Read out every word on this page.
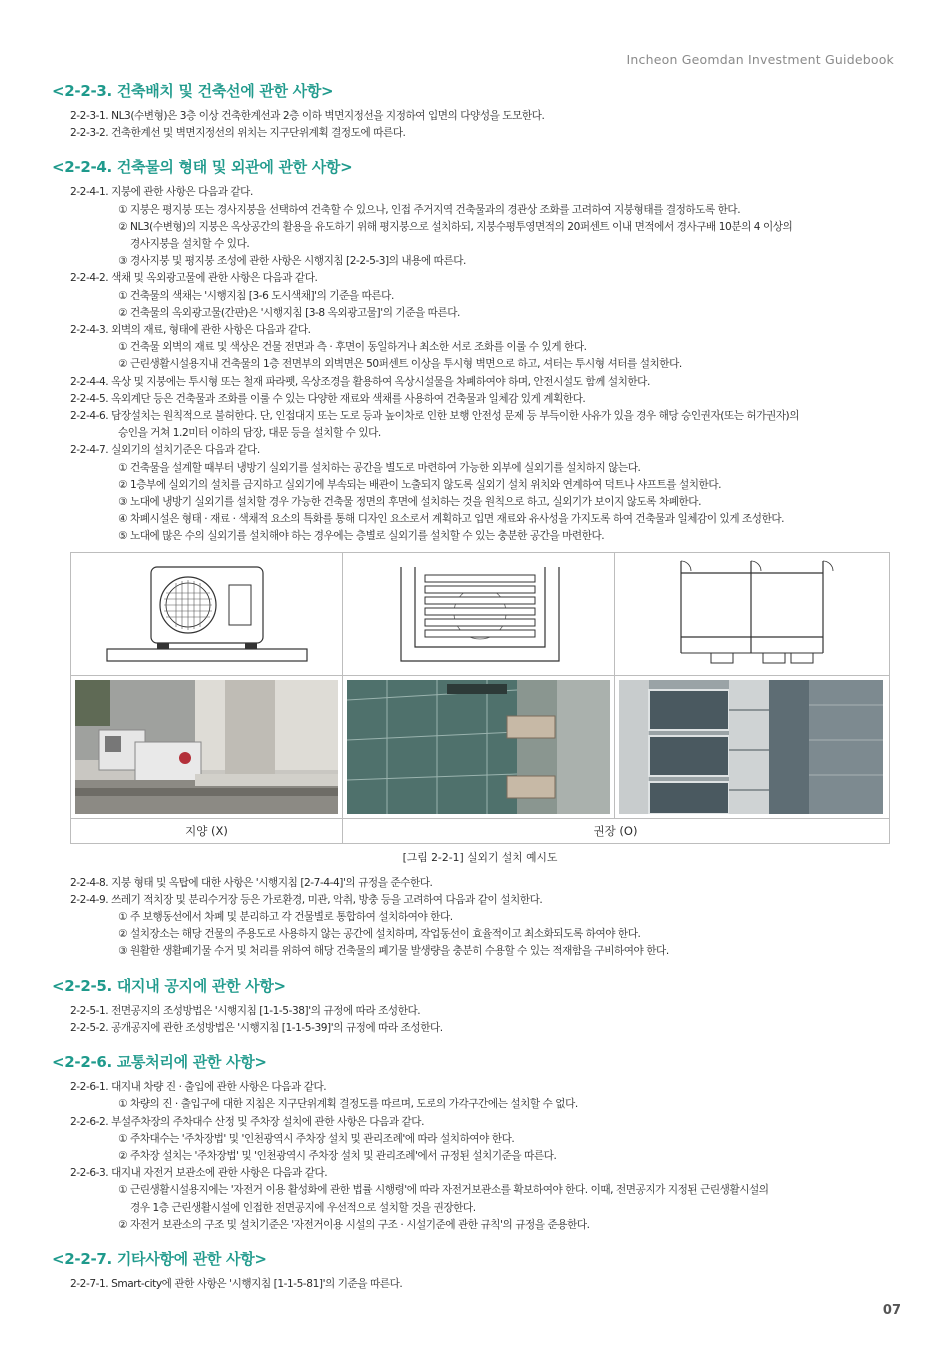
Incheon Geomdan Investment Guidebook
<2-2-3. 건축배치 및 건축선에 관한 사항>
2-2-3-1. NL3(수변형)은 3층 이상 건축한계선과 2층 이하 벽면지정선을 지정하여 입면의 다양성을 도모한다.
2-2-3-2. 건축한계선 및 벽면지정선의 위치는 지구단위계획 결정도에 따른다.
<2-2-4. 건축물의 형태 및 외관에 관한 사항>
2-2-4-1. 지붕에 관한 사항은 다음과 같다.
① 지붕은 평지붕 또는 경사지붕을 선택하여 건축할 수 있으나, 인접 주거지역 건축물과의 경관상 조화를 고려하여 지붕형태를 결정하도록 한다.
② NL3(수변형)의 지붕은 옥상공간의 활용을 유도하기 위해 평지붕으로 설치하되, 지붕수평투영면적의 20퍼센트 이내 면적에서 경사구배 10분의 4 이상의
경사지붕을 설치할 수 있다.
③ 경사지붕 및 평지붕 조성에 관한 사항은 시행지침 [2-2-5-3]의 내용에 따른다.
2-2-4-2. 색채 및 옥외광고물에 관한 사항은 다음과 같다.
① 건축물의 색채는 '시행지침 [3-6 도시색채]'의 기준을 따른다.
② 건축물의 옥외광고물(간판)은 '시행지침 [3-8 옥외광고물]'의 기준을 따른다.
2-2-4-3. 외벽의 재료, 형태에 관한 사항은 다음과 같다.
① 건축물 외벽의 재료 및 색상은 건물 전면과 측 · 후면이 동일하거나 최소한 서로 조화를 이룰 수 있게 한다.
② 근린생활시설용지내 건축물의 1층 전면부의 외벽면은 50퍼센트 이상을 투시형 벽면으로 하고, 셔터는 투시형 셔터를 설치한다.
2-2-4-4. 옥상 및 지붕에는 투시형 또는 철재 파라펫, 옥상조경을 활용하여 옥상시설물을 차폐하여야 하며, 안전시설도 함께 설치한다.
2-2-4-5. 옥외계단 등은 건축물과 조화를 이룰 수 있는 다양한 재료와 색채를 사용하여 건축물과 일체감 있게 계획한다.
2-2-4-6. 담장설치는 원칙적으로 불허한다. 단, 인접대지 또는 도로 등과 높이차로 인한 보행 안전성 문제 등 부득이한 사유가 있을 경우 해당 승인권자(또는 허가권자)의
승인을 거쳐 1.2미터 이하의 담장, 대문 등을 설치할 수 있다.
2-2-4-7. 실외기의 설치기준은 다음과 같다.
① 건축물을 설계할 때부터 냉방기 실외기를 설치하는 공간을 별도로 마련하여 가능한 외부에 실외기를 설치하지 않는다.
② 1층부에 실외기의 설치를 금지하고 실외기에 부속되는 배관이 노출되지 않도록 실외기 설치 위치와 연계하여 덕트나 샤프트를 설치한다.
③ 노대에 냉방기 실외기를 설치할 경우 가능한 건축물 정면의 후면에 설치하는 것을 원칙으로 하고, 실외기가 보이지 않도록 차폐한다.
④ 차폐시설은 형태 · 재료 · 색채적 요소의 특화를 통해 디자인 요소로서 계획하고 입면 재료와 유사성을 가지도록 하여 건축물과 일체감이 있게 조성한다.
⑤ 노대에 많은 수의 실외기를 설치해야 하는 경우에는 층별로 실외기를 설치할 수 있는 충분한 공간을 마련한다.
지양 (X)	권장 (O)
[그림 2-2-1] 실외기 설치 예시도
2-2-4-8. 지붕 형태 및 옥탑에 대한 사항은 '시행지침 [2-7-4-4]'의 규정을 준수한다.
2-2-4-9. 쓰레기 적치장 및 분리수거장 등은 가로환경, 미관, 악취, 방충 등을 고려하여 다음과 같이 설치한다.
① 주 보행동선에서 차폐 및 분리하고 각 건물별로 통합하여 설치하여야 한다.
② 설치장소는 해당 건물의 주용도로 사용하지 않는 공간에 설치하며, 작업동선이 효율적이고 최소화되도록 하여야 한다.
③ 원활한 생활폐기물 수거 및 처리를 위하여 해당 건축물의 폐기물 발생량을 충분히 수용할 수 있는 적재함을 구비하여야 한다.
<2-2-5. 대지내 공지에 관한 사항>
2-2-5-1. 전면공지의 조성방법은 '시행지침 [1-1-5-38]'의 규정에 따라 조성한다.
2-2-5-2. 공개공지에 관한 조성방법은 '시행지침 [1-1-5-39]'의 규정에 따라 조성한다.
<2-2-6. 교통처리에 관한 사항>
2-2-6-1. 대지내 차량 진 · 출입에 관한 사항은 다음과 같다.
① 차량의 진 · 출입구에 대한 지침은 지구단위계획 결정도를 따르며, 도로의 가각구간에는 설치할 수 없다.
2-2-6-2. 부설주차장의 주차대수 산정 및 주차장 설치에 관한 사항은 다음과 같다.
① 주차대수는 '주차장법' 및 '인천광역시 주차장 설치 및 관리조례'에 따라 설치하여야 한다.
② 주차장 설치는 '주차장법' 및 '인천광역시 주차장 설치 및 관리조례'에서 규정된 설치기준을 따른다.
2-2-6-3. 대지내 자전거 보관소에 관한 사항은 다음과 같다.
① 근린생활시설용지에는 '자전거 이용 활성화에 관한 법률 시행령'에 따라 자전거보관소를 확보하여야 한다. 이때, 전면공지가 지정된 근린생활시설의
경우 1층 근린생활시설에 인접한 전면공지에 우선적으로 설치할 것을 권장한다.
② 자전거 보관소의 구조 및 설치기준은 '자전거이용 시설의 구조 · 시설기준에 관한 규칙'의 규정을 준용한다.
<2-2-7. 기타사항에 관한 사항>
2-2-7-1. Smart-city에 관한 사항은 '시행지침 [1-1-5-81]'의 기준을 따른다.
07
